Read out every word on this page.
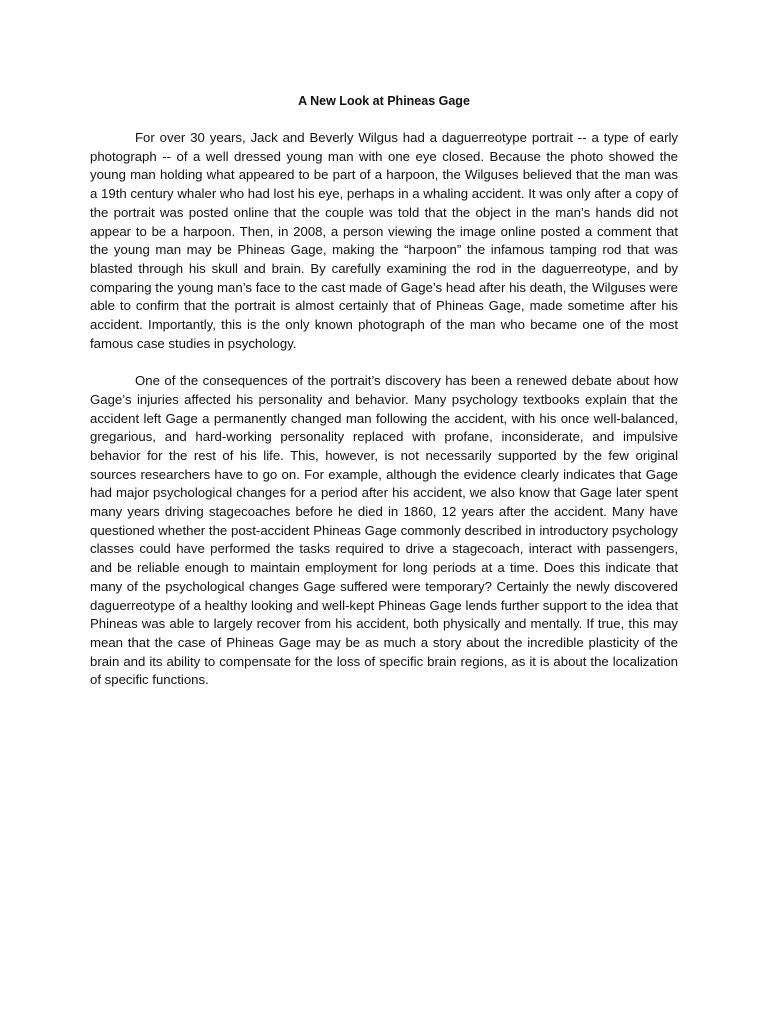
A New Look at Phineas Gage

For over 30 years, Jack and Beverly Wilgus had a daguerreotype portrait -- a type of early photograph -- of a well dressed young man with one eye closed. Because the photo showed the young man holding what appeared to be part of a harpoon, the Wilguses believed that the man was a 19th century whaler who had lost his eye, perhaps in a whaling accident. It was only after a copy of the portrait was posted online that the couple was told that the object in the man’s hands did not appear to be a harpoon. Then, in 2008, a person viewing the image online posted a comment that the young man may be Phineas Gage, making the “harpoon” the infamous tamping rod that was blasted through his skull and brain. By carefully examining the rod in the daguerreotype, and by comparing the young man’s face to the cast made of Gage’s head after his death, the Wilguses were able to confirm that the portrait is almost certainly that of Phineas Gage, made sometime after his accident. Importantly, this is the only known photograph of the man who became one of the most famous case studies in psychology.

One of the consequences of the portrait’s discovery has been a renewed debate about how Gage’s injuries affected his personality and behavior. Many psychology textbooks explain that the accident left Gage a permanently changed man following the accident, with his once well-balanced, gregarious, and hard-working personality replaced with profane, inconsiderate, and impulsive behavior for the rest of his life. This, however, is not necessarily supported by the few original sources researchers have to go on. For example, although the evidence clearly indicates that Gage had major psychological changes for a period after his accident, we also know that Gage later spent many years driving stagecoaches before he died in 1860, 12 years after the accident. Many have questioned whether the post-accident Phineas Gage commonly described in introductory psychology classes could have performed the tasks required to drive a stagecoach, interact with passengers, and be reliable enough to maintain employment for long periods at a time. Does this indicate that many of the psychological changes Gage suffered were temporary? Certainly the newly discovered daguerreotype of a healthy looking and well-kept Phineas Gage lends further support to the idea that Phineas was able to largely recover from his accident, both physically and mentally. If true, this may mean that the case of Phineas Gage may be as much a story about the incredible plasticity of the brain and its ability to compensate for the loss of specific brain regions, as it is about the localization of specific functions.
